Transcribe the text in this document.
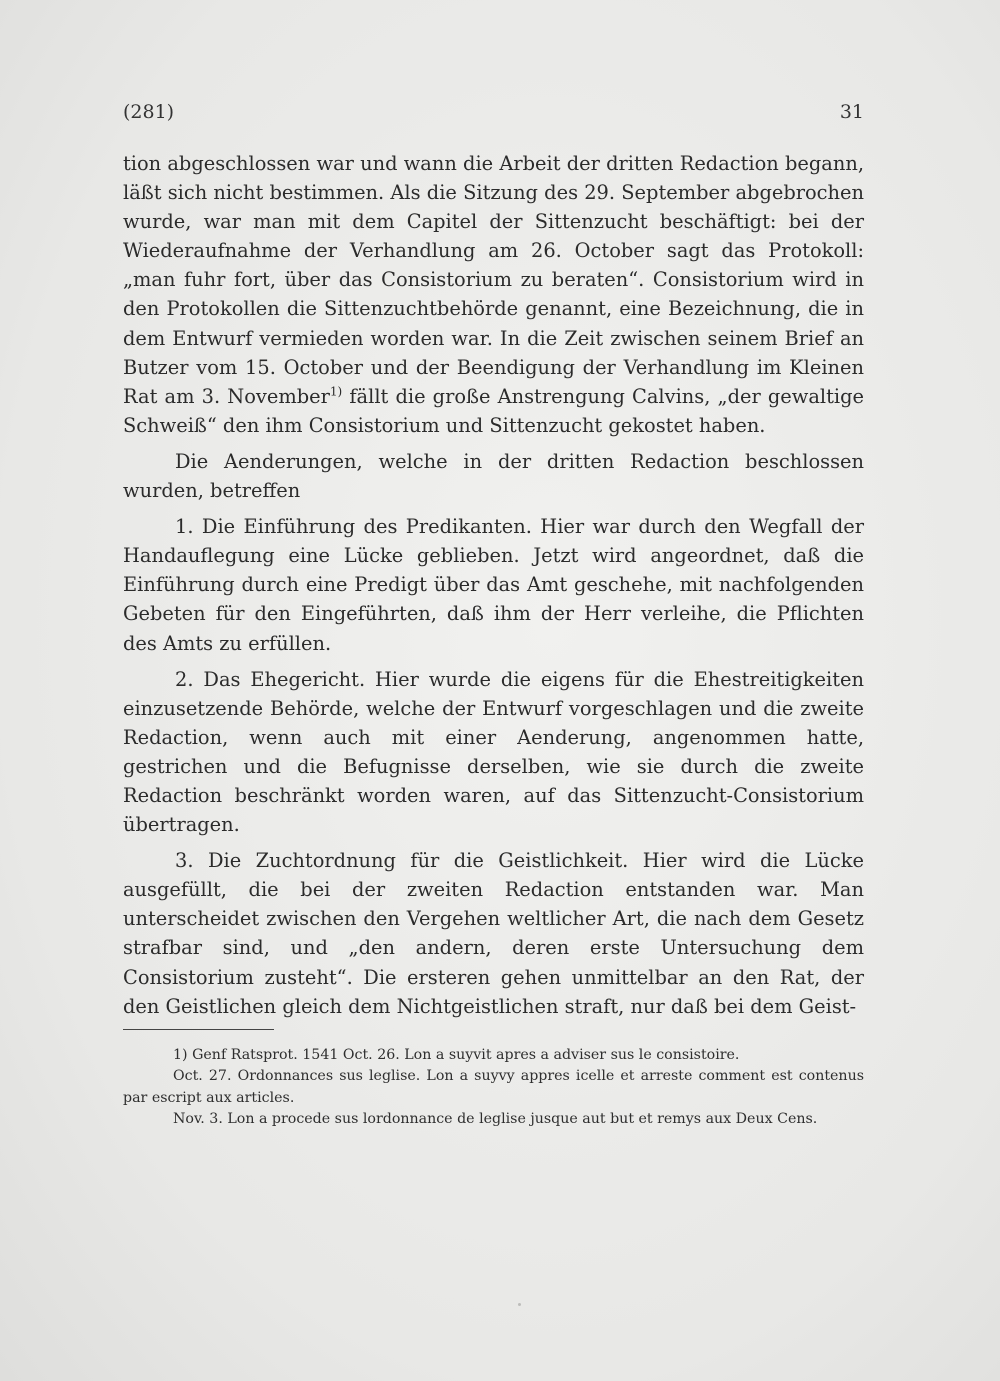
(281)	31

tion abgeschlossen war und wann die Arbeit der dritten Redaction begann, läßt sich nicht bestimmen. Als die Sitzung des 29. September abgebrochen wurde, war man mit dem Capitel der Sittenzucht beschäftigt: bei der Wiederaufnahme der Verhandlung am 26. October sagt das Protokoll: „man fuhr fort, über das Consistorium zu beraten“. Consistorium wird in den Protokollen die Sittenzuchtbehörde genannt, eine Bezeichnung, die in dem Entwurf vermieden worden war. In die Zeit zwischen seinem Brief an Butzer vom 15. October und der Beendigung der Verhandlung im Kleinen Rat am 3. November$^{1)}$ fällt die große Anstrengung Calvins, „der gewaltige Schweiß“ den ihm Consistorium und Sittenzucht gekostet haben.

Die Aenderungen, welche in der dritten Redaction beschlossen wurden, betreffen

1. Die Einführung des Predikanten. Hier war durch den Wegfall der Handauflegung eine Lücke geblieben. Jetzt wird angeordnet, daß die Einführung durch eine Predigt über das Amt geschehe, mit nachfolgenden Gebeten für den Eingeführten, daß ihm der Herr verleihe, die Pflichten des Amts zu erfüllen.

2. Das Ehegericht. Hier wurde die eigens für die Ehestreitigkeiten einzusetzende Behörde, welche der Entwurf vorgeschlagen und die zweite Redaction, wenn auch mit einer Aenderung, angenommen hatte, gestrichen und die Befugnisse derselben, wie sie durch die zweite Redaction beschränkt worden waren, auf das Sittenzucht-Consistorium übertragen.

3. Die Zuchtordnung für die Geistlichkeit. Hier wird die Lücke ausgefüllt, die bei der zweiten Redaction entstanden war. Man unterscheidet zwischen den Vergehen weltlicher Art, die nach dem Gesetz strafbar sind, und „den andern, deren erste Untersuchung dem Consistorium zusteht“. Die ersteren gehen unmittelbar an den Rat, der den Geistlichen gleich dem Nichtgeistlichen straft, nur daß bei dem Geist-

1) Genf Ratsprot. 1541 Oct. 26. Lon a suyvit apres a adviser sus le consistoire.

Oct. 27. Ordonnances sus leglise. Lon a suyvy appres icelle et arreste comment est contenus par escript aux articles.

Nov. 3. Lon a procede sus lordonnance de leglise jusque aut but et remys aux Deux Cens.
